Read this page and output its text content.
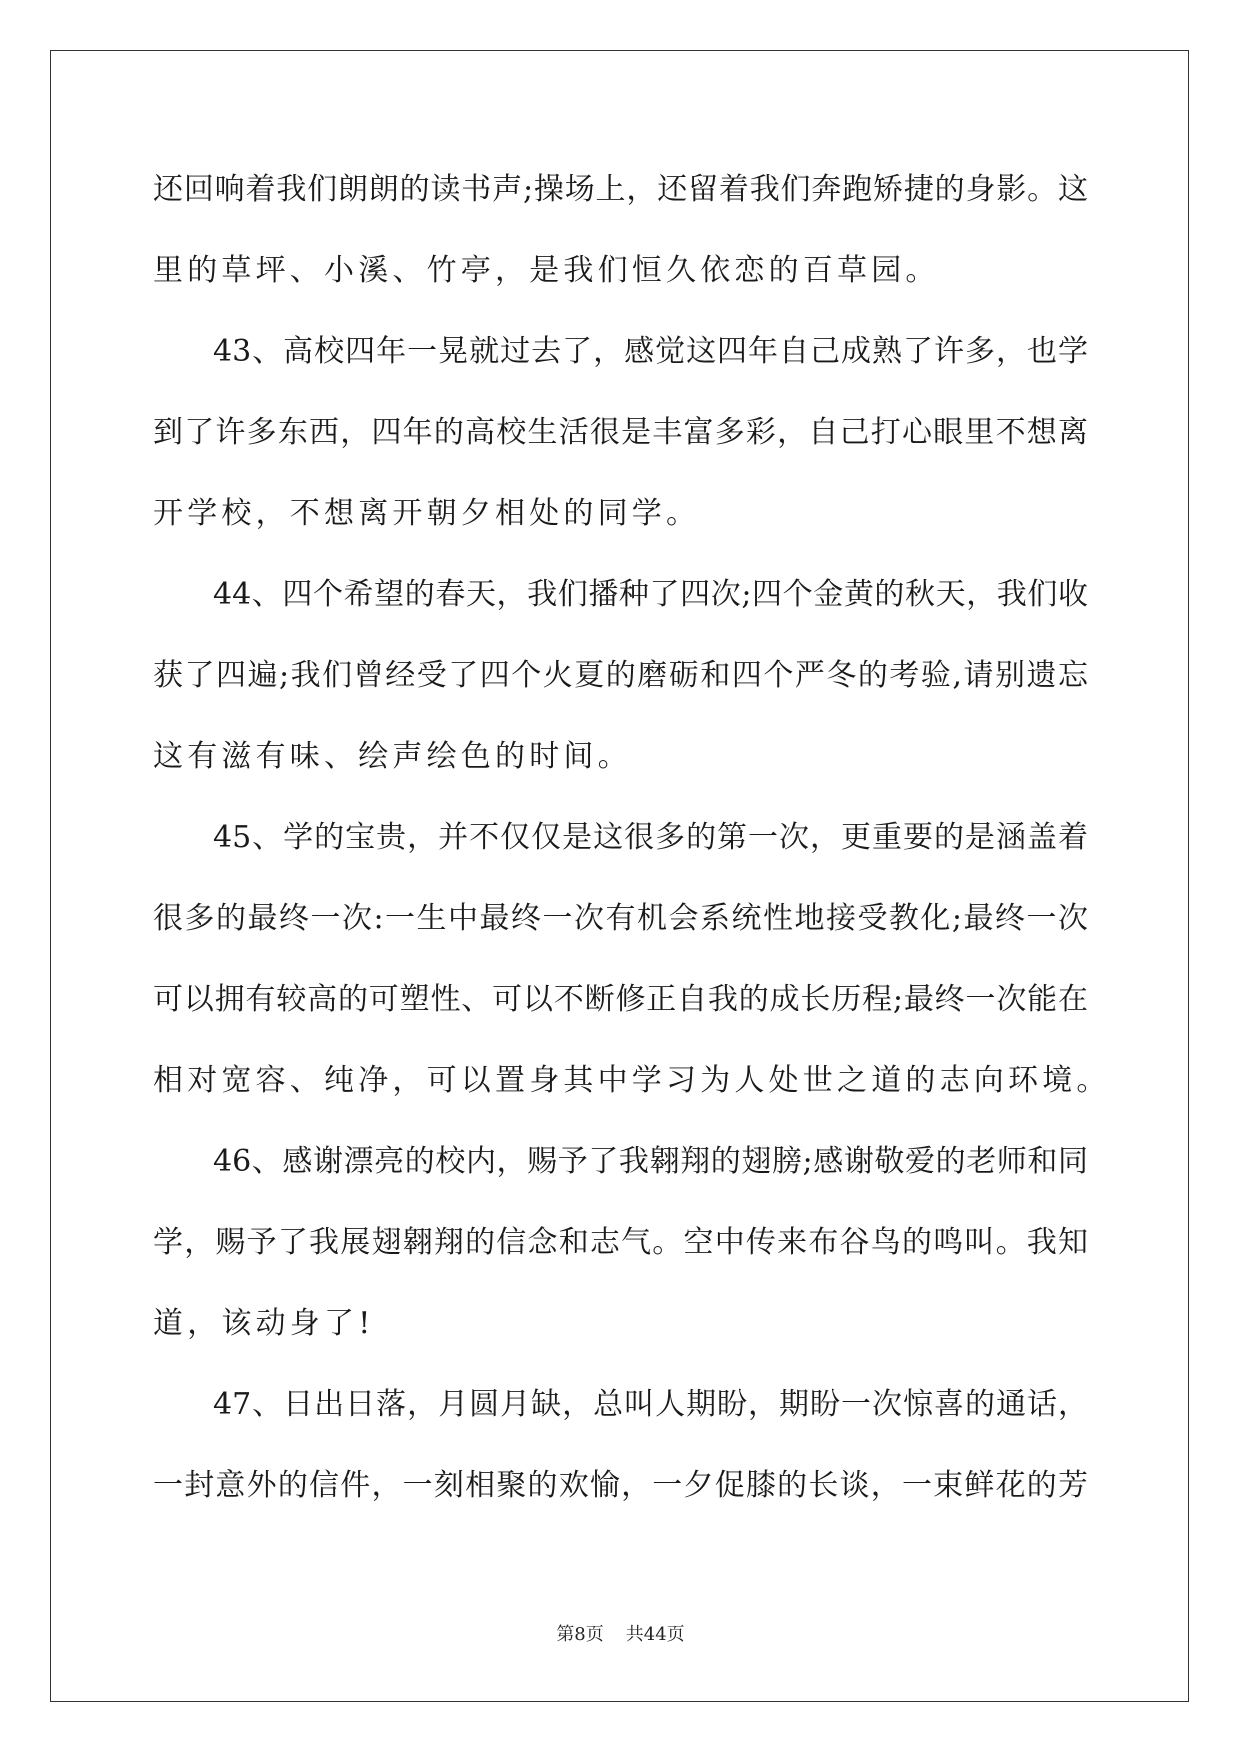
还回响着我们朗朗的读书声;操场上，还留着我们奔跑矫捷的身影。这
里的草坪、小溪、竹亭，是我们恒久依恋的百草园。
43、高校四年一晃就过去了，感觉这四年自己成熟了许多，也学
到了许多东西，四年的高校生活很是丰富多彩，自己打心眼里不想离
开学校，不想离开朝夕相处的同学。
44、四个希望的春天，我们播种了四次;四个金黄的秋天，我们收
获了四遍;我们曾经受了四个火夏的磨砺和四个严冬的考验,请别遗忘
这有滋有味、绘声绘色的时间。
45、学的宝贵，并不仅仅是这很多的第一次，更重要的是涵盖着
很多的最终一次:一生中最终一次有机会系统性地接受教化;最终一次
可以拥有较高的可塑性、可以不断修正自我的成长历程;最终一次能在
相对宽容、纯净，可以置身其中学习为人处世之道的志向环境。
46、感谢漂亮的校内，赐予了我翱翔的翅膀;感谢敬爱的老师和同
学，赐予了我展翅翱翔的信念和志气。空中传来布谷鸟的鸣叫。我知
道，该动身了!
47、日出日落，月圆月缺，总叫人期盼，期盼一次惊喜的通话，
一封意外的信件，一刻相聚的欢愉，一夕促膝的长谈，一束鲜花的芳
第8页 共44页
